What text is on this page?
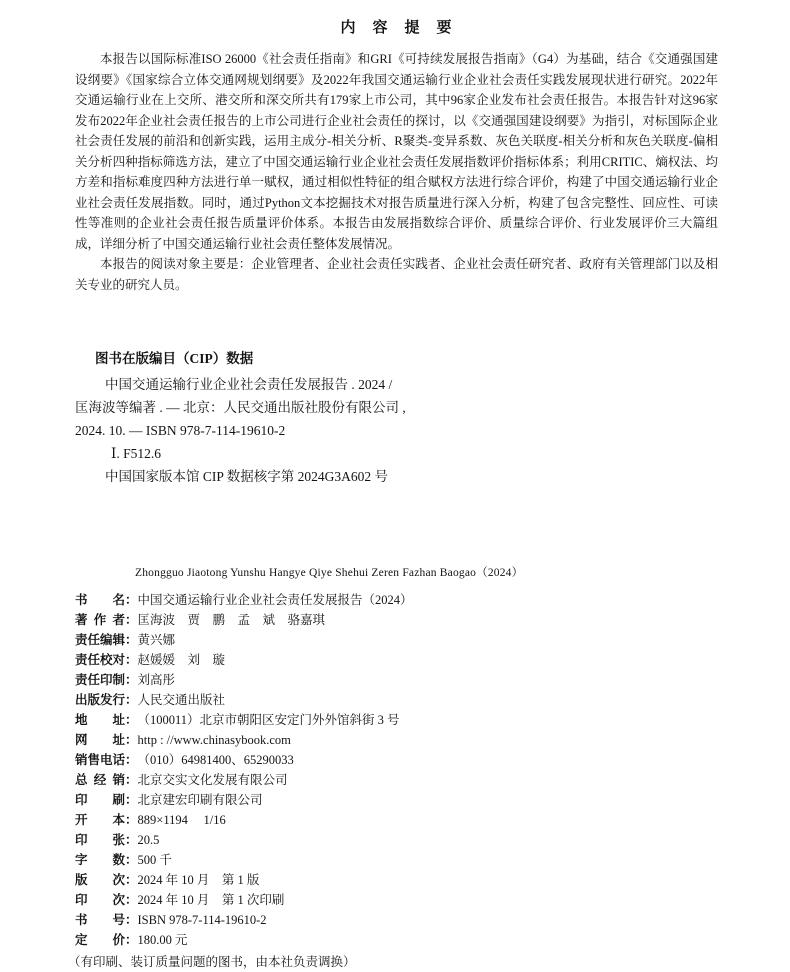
内　容　提　要

本报告以国际标准ISO 26000《社会责任指南》和GRI《可持续发展报告指南》（G4）为基础，结合《交通强国建设纲要》《国家综合立体交通网规划纲要》及2022年我国交通运输行业企业社会责任实践发展现状进行研究。2022年交通运输行业在上交所、港交所和深交所共有179家上市公司，其中96家企业发布社会责任报告。本报告针对这96家发布2022年企业社会责任报告的上市公司进行企业社会责任的探讨，以《交通强国建设纲要》为指引，对标国际企业社会责任发展的前沿和创新实践，运用主成分-相关分析、R聚类-变异系数、灰色关联度-相关分析和灰色关联度-偏相关分析四种指标筛选方法，建立了中国交通运输行业企业社会责任发展指数评价指标体系；利用CRITIC、熵权法、均方差和指标难度四种方法进行单一赋权，通过相似性特征的组合赋权方法进行综合评价，构建了中国交通运输行业企业社会责任发展指数。同时，通过Python文本挖掘技术对报告质量进行深入分析，构建了包含完整性、回应性、可读性等准则的企业社会责任报告质量评价体系。本报告由发展指数综合评价、质量综合评价、行业发展评价三大篇组成，详细分析了中国交通运输行业社会责任整体发展情况。

本报告的阅读对象主要是：企业管理者、企业社会责任实践者、企业社会责任研究者、政府有关管理部门以及相关专业的研究人员。

图书在版编目（CIP）数据
中国交通运输行业企业社会责任发展报告 . 2024 /
匡海波等编著 . — 北京：人民交通出版社股份有限公司 ,
2024. 10. — ISBN 978-7-114-19610-2
Ⅰ. F512.6
中国国家版本馆 CIP 数据核字第 2024G3A602 号
Zhongguo Jiaotong Yunshu Hangye Qiye Shehui Zeren Fazhan Baogao（2024）
书　　名： 中国交通运输行业企业社会责任发展报告（2024）
著 作 者： 匡海波　贾　鹏　孟　斌　骆嘉琪
责任编辑： 黄兴娜
责任校对： 赵媛媛　刘　璇
责任印制： 刘高彤
出版发行： 人民交通出版社
地　　址： （100011）北京市朝阳区安定门外外馆斜街 3 号
网　　址： http : //www.chinasybook.com
销售电话： （010）64981400、65290033
总 经 销： 北京交实文化发展有限公司
印　　刷： 北京建宏印刷有限公司
开　　本： 889×1194　 1/16
印　　张： 20.5
字　　数： 500 千
版　　次： 2024 年 10 月　第 1 版
印　　次： 2024 年 10 月　第 1 次印刷
书　　号： ISBN 978-7-114-19610-2
定　　价： 180.00 元
（有印刷、装订质量问题的图书，由本社负责调换）
